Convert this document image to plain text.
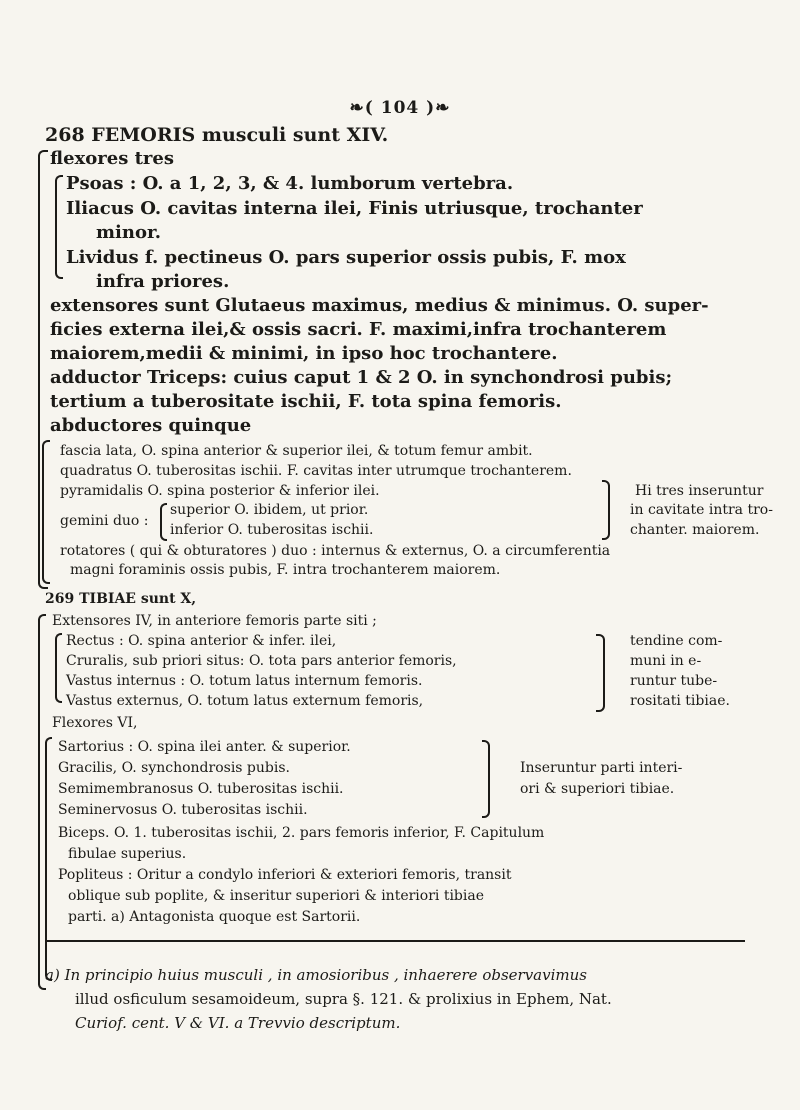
❧( 104 )❧
268 FEMORIS musculi sunt XIV.
flexores tres
Psoas : O. a 1, 2, 3, & 4. lumborum vertebra.
Iliacus O. cavitas interna ilei, Finis utriusque, trochanter
minor.
Lividus f. pectineus O. pars superior ossis pubis, F. mox
infra priores.
extensores sunt Glutaeus maximus, medius & minimus. O. super-
ficies externa ilei,& ossis sacri. F. maximi,infra trochanterem
maiorem,medii & minimi, in ipso hoc trochantere.
adductor Triceps: cuius caput 1 & 2 O. in synchondrosi pubis;
tertium a tuberositate ischii, F. tota spina femoris.
abductores quinque
fascia lata, O. spina anterior & superior ilei, & totum femur ambit.
quadratus O. tuberositas ischii. F. cavitas inter utrumque trochanterem.
pyramidalis O. spina posterior & inferior ilei.	Hi tres inseruntur
gemini duo :
superior O. ibidem, ut prior.
inferior O. tuberositas ischii.
in cavitate intra tro-
chanter. maiorem.
rotatores ( qui & obturatores ) duo : internus & externus, O. a circumferentia
magni foraminis ossis pubis, F. intra trochanterem maiorem.
269 TIBIAE sunt X,
Extensores IV, in anteriore femoris parte siti ;
Rectus : O. spina anterior & infer. ilei,
Cruralis, sub priori situs: O. tota pars anterior femoris,
Vastus internus : O. totum latus internum femoris.
Vastus externus, O. totum latus externum femoris,
tendine com-
muni in e-
runtur tube-
rositati tibiae.
Flexores VI,
Sartorius : O. spina ilei anter. & superior.
Gracilis, O. synchondrosis pubis.
Semimembranosus O. tuberositas ischii.
Seminervosus O. tuberositas ischii.
Inseruntur parti interi-
ori & superiori tibiae.
Biceps. O. 1. tuberositas ischii, 2. pars femoris inferior, F. Capitulum
fibulae superius.
Popliteus : Oritur a condylo inferiori & exteriori femoris, transit
oblique sub poplite, & inseritur superiori & interiori tibiae
parti. a) Antagonista quoque est Sartorii.
a) In principio huius musculi , in amosioribus , inhaerere observavimus
illud osficulum sesamoideum, supra §. 121. & prolixius in Ephem, Nat.
Curiof. cent. V & VI. a Trevvio descriptum.
